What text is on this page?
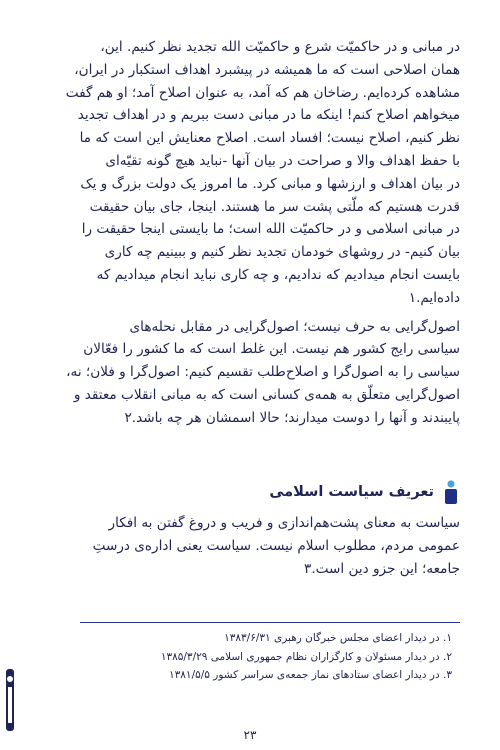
در مبانی و در حاکمیّت شرع و حاکمیّت الله تجدید نظر کنیم. این،
همان اصلاحی است که ما همیشه در پیشبرد اهداف استکبار در ایران،
مشاهده کرده‌ایم. رضاخان هم که آمد، به عنوان اصلاح آمد؛ او هم گفت
میخواهم اصلاح کنم! اینکه ما در مبانی دست ببریم و در اهداف تجدید
نظر کنیم، اصلاح نیست؛ افساد است. اصلاح معنایش این است که ما
با حفظ اهداف والا و صراحت در بیان آنها -نباید هیچ گونه تقیّه‌ای
در بیان اهداف و ارزشها و مبانی کرد. ما امروز یک دولت بزرگ و یک
قدرت هستیم که ملّتی پشت سر ما هستند. اینجا، جای بیان حقیقت
در مبانی اسلامی و در حاکمیّت الله است؛ ما بایستی اینجا حقیقت را
بیان کنیم- در روشهای خودمان تجدید نظر کنیم و ببینیم چه کاری
بایست انجام میدادیم که ندادیم، و چه کاری نباید انجام میدادیم که
داده‌ایم.۱
اصول‌گرایی به حرف نیست؛ اصول‌گرایی در مقابل نحله‌های
سیاسی رایج کشور هم نیست. این غلط است که ما کشور را فعّالان
سیاسی را به اصول‌گرا و اصلاح‌طلب تقسیم کنیم: اصول‌گرا و فلان؛ نه،
اصول‌گرایی متعلّق به همه‌ی کسانی است که به مبانی انقلاب معتقد و
پایبندند و آنها را دوست میدارند؛ حالا اسمشان هر چه باشد.۲
تعریف سیاست اسلامی
سیاست به معنای پشت‌هم‌اندازی و فریب و دروغ گفتن به افکار
عمومی مردم، مطلوب اسلام نیست. سیاست یعنی اداره‌ی درستِ
جامعه؛ این جزو دین است.۳
۱. در دیدار اعضای مجلس خبرگان رهبری ۱۳۸۳/۶/۳۱
۲. در دیدار مسئولان و کارگزاران نظام جمهوری اسلامی ۱۳۸۵/۳/۲۹
۳. در دیدار اعضای ستادهای نماز جمعه‌ی سراسر کشور ۱۳۸۱/۵/۵
۲۳
